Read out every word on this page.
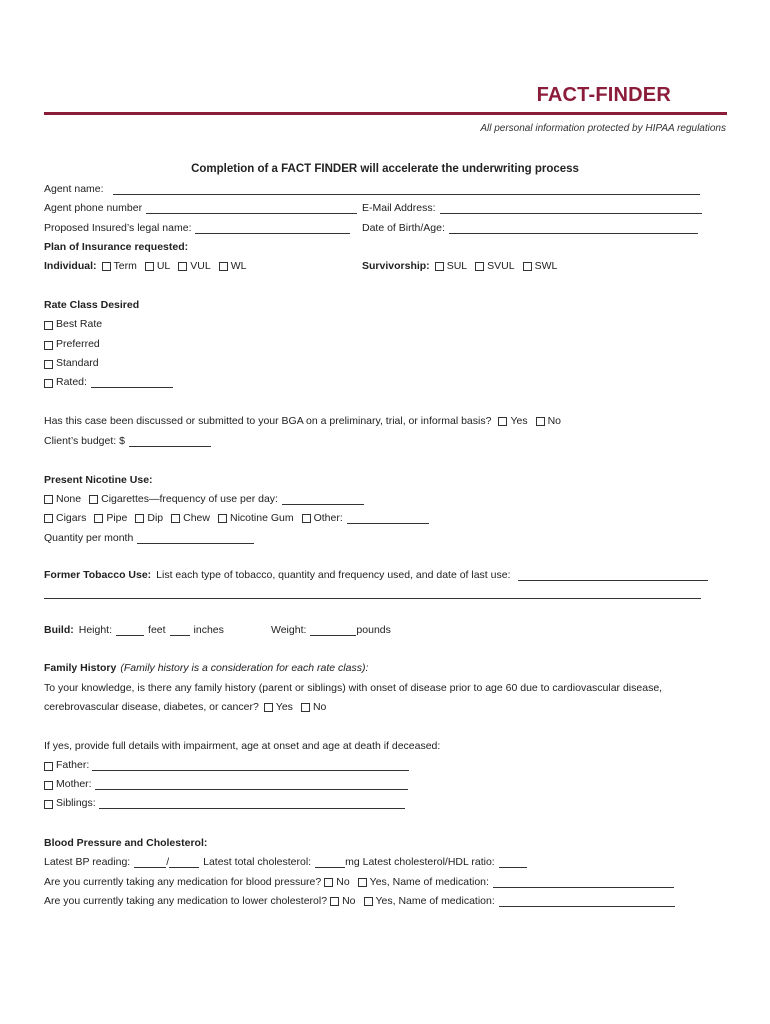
FACT-FINDER
All personal information protected by HIPAA regulations
Completion of a FACT FINDER will accelerate the underwriting process
Agent name:
Agent phone number	E-Mail Address:
Proposed Insured’s legal name:	Date of Birth/Age:
Plan of Insurance requested:
Individual: Term UL VUL WL	Survivorship: SUL SVUL SWL
Rate Class Desired
Best Rate
Preferred
Standard
Rated:
Has this case been discussed or submitted to your BGA on a preliminary, trial, or informal basis? Yes No
Client’s budget: $
Present Nicotine Use:
None Cigarettes—frequency of use per day:
Cigars Pipe Dip Chew Nicotine Gum Other:
Quantity per month
Former Tobacco Use: List each type of tobacco, quantity and frequency used, and date of last use:
Build: Height:	feet	inches	Weight:	pounds
Family History (Family history is a consideration for each rate class):
To your knowledge, is there any family history (parent or siblings) with onset of disease prior to age 60 due to cardiovascular disease,
cerebrovascular disease, diabetes, or cancer? Yes No
If yes, provide full details with impairment, age at onset and age at death if deceased:
Father:
Mother:
Siblings:
Blood Pressure and Cholesterol:
Latest BP reading:	/	Latest total cholesterol:	mg Latest cholesterol/HDL ratio:
Are you currently taking any medication for blood pressure? No Yes, Name of medication:
Are you currently taking any medication to lower cholesterol? No Yes, Name of medication:
